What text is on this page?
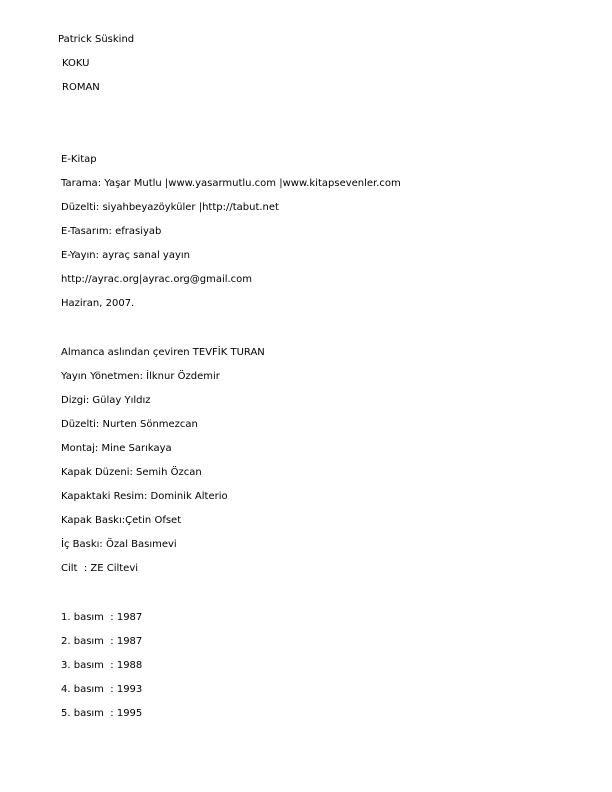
Patrick Süskind
KOKU
ROMAN
E-Kitap
Tarama: Yaşar Mutlu |www.yasarmutlu.com |www.kitapsevenler.com
Düzelti: siyahbeyazöyküler |http://tabut.net
E-Tasarım: efrasiyab
E-Yayın: ayraç sanal yayın
http://ayrac.org|ayrac.org@gmail.com
Haziran, 2007.
Almanca aslından çeviren TEVFİK TURAN
Yayın Yönetmen: İlknur Özdemir
Dizgi: Gülay Yıldız
Düzelti: Nurten Sönmezcan
Montaj: Mine Sarıkaya
Kapak Düzeni: Semih Özcan
Kapaktaki Resim: Dominik Alterio
Kapak Baskı:Çetin Ofset
İç Baskı: Özal Basımevi
Cilt  : ZE Ciltevi
1. basım  : 1987
2. basım  : 1987
3. basım  : 1988
4. basım  : 1993
5. basım  : 1995
